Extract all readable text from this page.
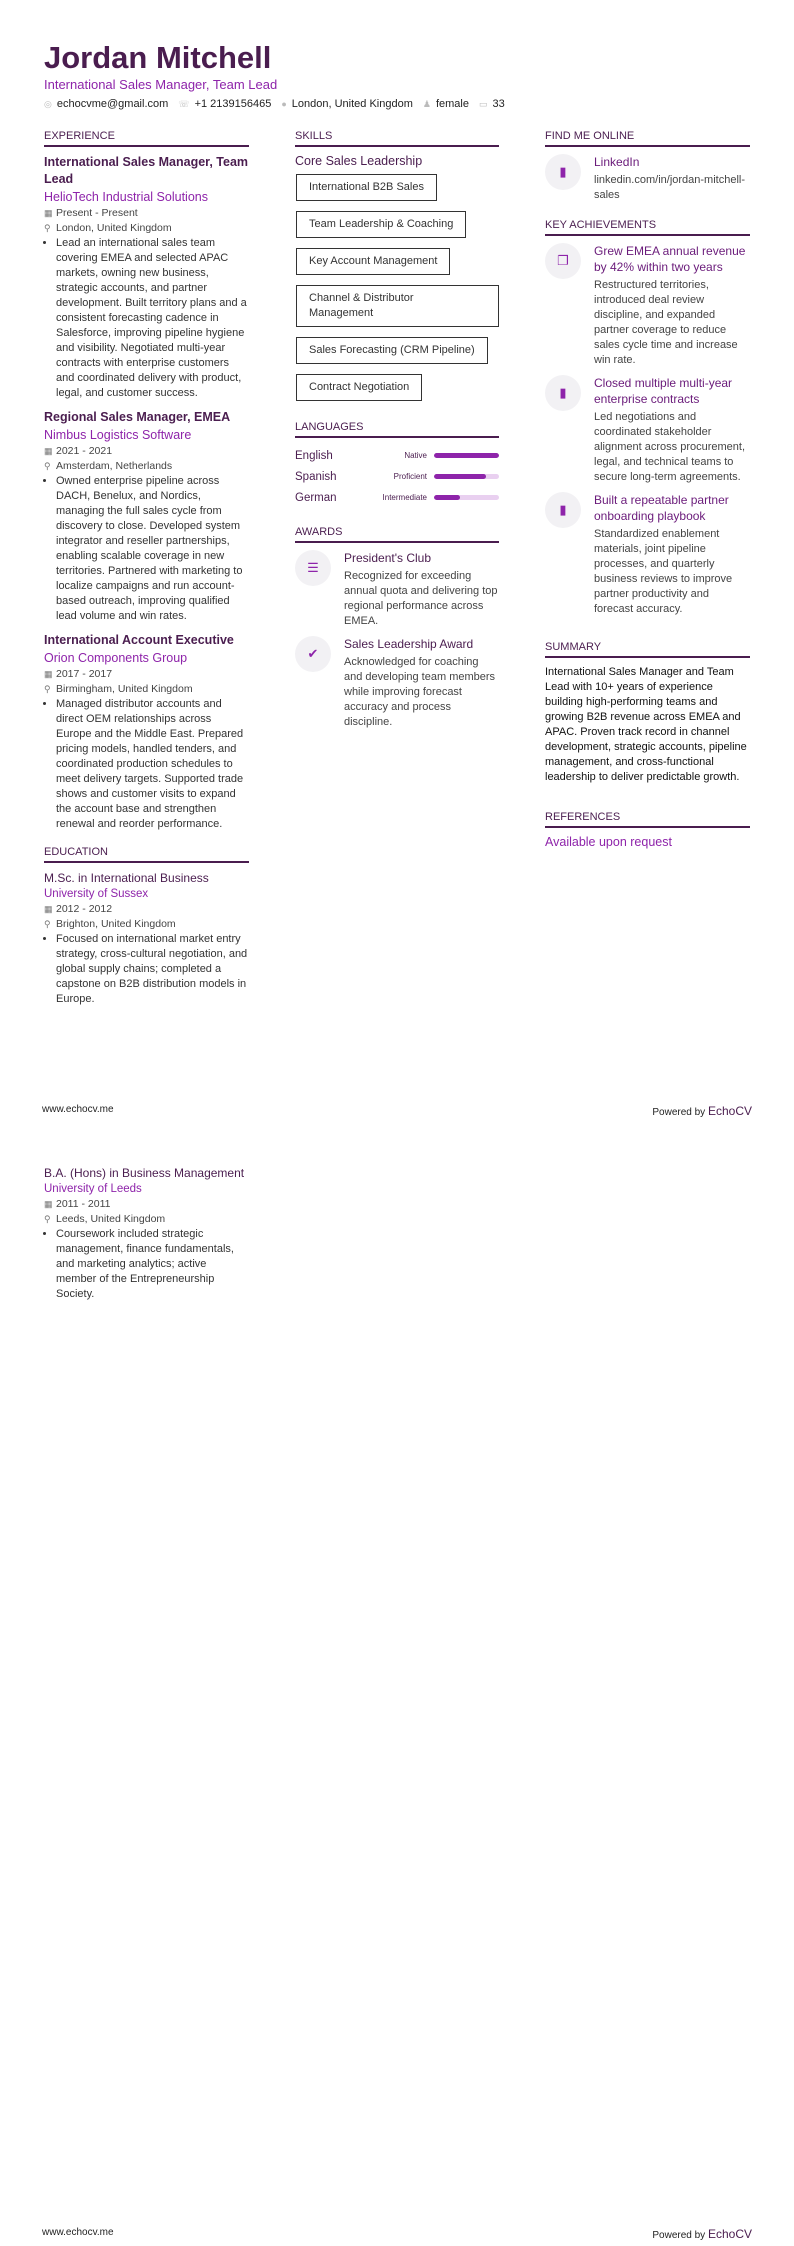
Jordan Mitchell
International Sales Manager, Team Lead
◎ echocvme@gmail.com ☏ +1 2139156465 ● London, United Kingdom ♟ female ▭ 33
EXPERIENCE
International Sales Manager, Team Lead
HelioTech Industrial Solutions
▦ Present - Present
⚲ London, United Kingdom
• Lead an international sales team covering EMEA and selected APAC markets, owning new business, strategic accounts, and partner development. Built territory plans and a consistent forecasting cadence in Salesforce, improving pipeline hygiene and visibility. Negotiated multi-year contracts with enterprise customers and coordinated delivery with product, legal, and customer success.
Regional Sales Manager, EMEA
Nimbus Logistics Software
▦ 2021 - 2021
⚲ Amsterdam, Netherlands
• Owned enterprise pipeline across DACH, Benelux, and Nordics, managing the full sales cycle from discovery to close. Developed system integrator and reseller partnerships, enabling scalable coverage in new territories. Partnered with marketing to localize campaigns and run account-based outreach, improving qualified lead volume and win rates.
International Account Executive
Orion Components Group
▦ 2017 - 2017
⚲ Birmingham, United Kingdom
• Managed distributor accounts and direct OEM relationships across Europe and the Middle East. Prepared pricing models, handled tenders, and coordinated production schedules to meet delivery targets. Supported trade shows and customer visits to expand the account base and strengthen renewal and reorder performance.
EDUCATION
M.Sc. in International Business
University of Sussex
▦ 2012 - 2012
⚲ Brighton, United Kingdom
• Focused on international market entry strategy, cross-cultural negotiation, and global supply chains; completed a capstone on B2B distribution models in Europe.
SKILLS
Core Sales Leadership
International B2B Sales
Team Leadership & Coaching
Key Account Management
Channel & Distributor Management
Sales Forecasting (CRM Pipeline)
Contract Negotiation
LANGUAGES
English	Native
Spanish	Proficient
German	Intermediate
AWARDS
☰
President's Club
Recognized for exceeding annual quota and delivering top regional performance across EMEA.
✔
Sales Leadership Award
Acknowledged for coaching and developing team members while improving forecast accuracy and process discipline.
FIND ME ONLINE
▮
LinkedIn
linkedin.com/in/jordan-mitchell-sales
KEY ACHIEVEMENTS
❐
Grew EMEA annual revenue by 42% within two years
Restructured territories, introduced deal review discipline, and expanded partner coverage to reduce sales cycle time and increase win rate.
▮
Closed multiple multi-year enterprise contracts
Led negotiations and coordinated stakeholder alignment across procurement, legal, and technical teams to secure long-term agreements.
▮
Built a repeatable partner onboarding playbook
Standardized enablement materials, joint pipeline processes, and quarterly business reviews to improve partner productivity and forecast accuracy.
SUMMARY
International Sales Manager and Team Lead with 10+ years of experience building high-performing teams and growing B2B revenue across EMEA and APAC. Proven track record in channel development, strategic accounts, pipeline management, and cross-functional leadership to deliver predictable growth.
REFERENCES
Available upon request
www.echocv.me	Powered by EchoCV
B.A. (Hons) in Business Management
University of Leeds
▦ 2011 - 2011
⚲ Leeds, United Kingdom
• Coursework included strategic management, finance fundamentals, and marketing analytics; active member of the Entrepreneurship Society.
www.echocv.me	Powered by EchoCV
